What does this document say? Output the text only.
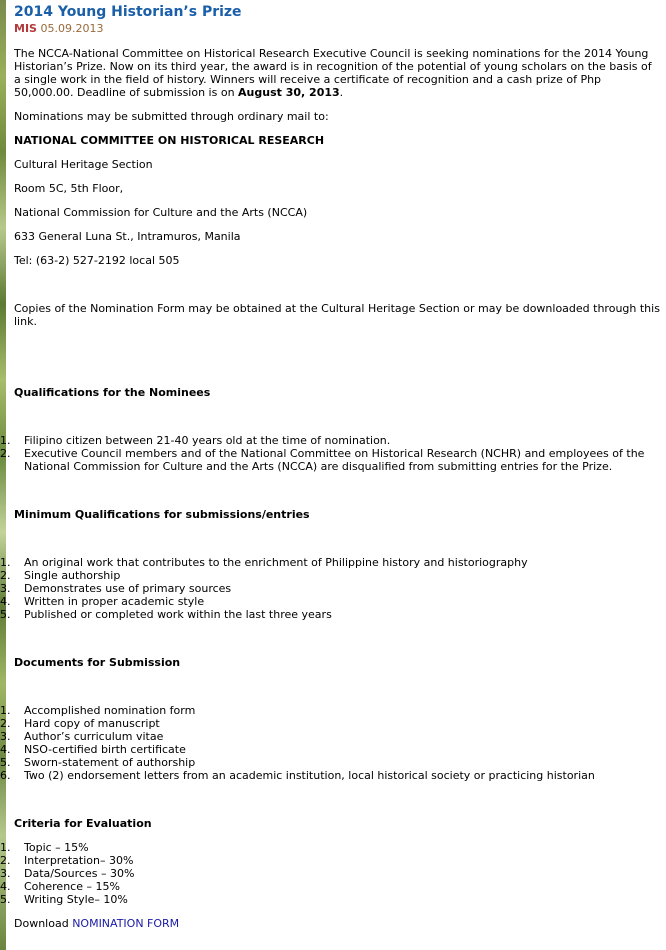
2014 Young Historian’s Prize
MIS 05.09.2013

The NCCA-National Committee on Historical Research Executive Council is seeking nominations for the 2014 Young Historian’s Prize. Now on its third year, the award is in recognition of the potential of young scholars on the basis of a single work in the field of history. Winners will receive a certificate of recognition and a cash prize of Php 50,000.00. Deadline of submission is on August 30, 2013.

Nominations may be submitted through ordinary mail to:

NATIONAL COMMITTEE ON HISTORICAL RESEARCH

Cultural Heritage Section

Room 5C, 5th Floor,

National Commission for Culture and the Arts (NCCA)

633 General Luna St., Intramuros, Manila

Tel: (63-2) 527-2192 local 505

Copies of the Nomination Form may be obtained at the Cultural Heritage Section or may be downloaded through this link.

Qualifications for the Nominees

Filipino citizen between 21-40 years old at the time of nomination.
Executive Council members and of the National Committee on Historical Research (NCHR) and employees of the National Commission for Culture and the Arts (NCCA) are disqualified from submitting entries for the Prize.

Minimum Qualifications for submissions/entries

An original work that contributes to the enrichment of Philippine history and historiography
Single authorship
Demonstrates use of primary sources
Written in proper academic style
Published or completed work within the last three years

Documents for Submission

Accomplished nomination form
Hard copy of manuscript
Author’s curriculum vitae
NSO-certified birth certificate
Sworn-statement of authorship
Two (2) endorsement letters from an academic institution, local historical society or practicing historian

Criteria for Evaluation

Topic – 15%
Interpretation– 30%
Data/Sources – 30%
Coherence – 15%
Writing Style– 10%

Download NOMINATION FORM
